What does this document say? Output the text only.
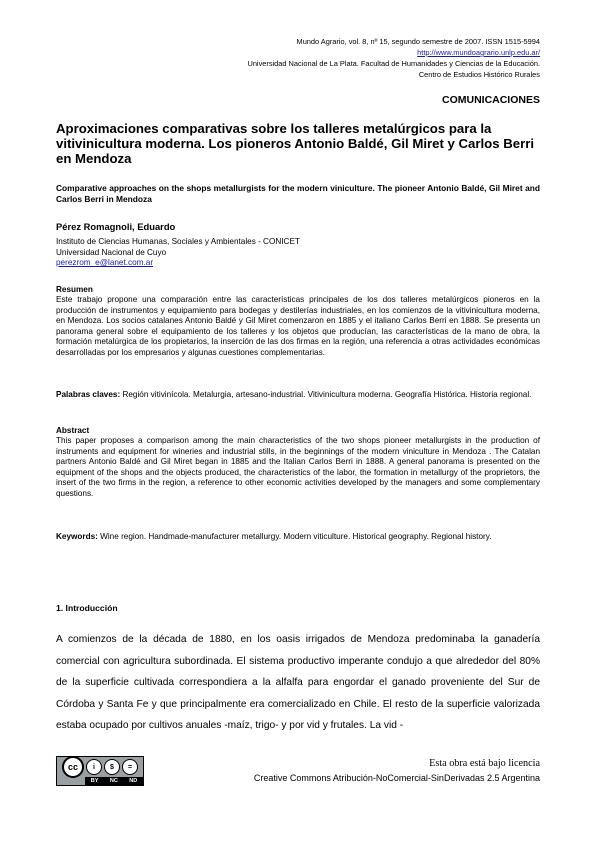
Mundo Agrario, vol. 8, nº 15, segundo semestre de 2007. ISSN 1515-5994
http://www.mundoagrario.unlp.edu.ar/
Universidad Nacional de La Plata. Facultad de Humanidades y Ciencias de la Educación.
Centro de Estudios Histórico Rurales
COMUNICACIONES
Aproximaciones comparativas sobre los talleres metalúrgicos para la vitivinicultura moderna. Los pioneros Antonio Baldé, Gil Miret y Carlos Berri en Mendoza
Comparative approaches on the shops metallurgists for the modern viniculture. The pioneer Antonio Baldé, Gil Miret and Carlos Berri in Mendoza
Pérez Romagnoli, Eduardo
Instituto de Ciencias Humanas, Sociales y Ambientales - CONICET
Universidad Nacional de Cuyo
perezrom_e@lanet.com.ar
Resumen
Este trabajo propone una comparación entre las características principales de los dos talleres metalúrgicos pioneros en la producción de instrumentos y equipamiento para bodegas y destilerías industriales, en los comienzos de la vitivinicultura moderna, en Mendoza. Los socios catalanes Antonio Baldé y Gil Miret comenzaron en 1885 y el italiano Carlos Berri en 1888. Se presenta un panorama general sobre el equipamiento de los talleres y los objetos que producían, las características de la mano de obra, la formación metalúrgica de los propietarios, la inserción de las dos firmas en la región, una referencia a otras actividades económicas desarrolladas por los empresarios y algunas cuestiones complementarias.
Palabras claves: Región vitivinícola. Metalurgia, artesano-industrial. Vitivinicultura moderna. Geografía Histórica. Historia regional.
Abstract
This paper proposes a comparison among the main characteristics of the two shops pioneer metallurgists in the production of instruments and equipment for wineries and industrial stills, in the beginnings of the modern viniculture in Mendoza . The Catalan partners Antonio Baldé and Gil Miret began in 1885 and the Italian Carlos Berri in 1888. A general panorama is presented on the equipment of the shops and the objects produced, the characteristics of the labor, the formation in metallurgy of the proprietors, the insert of the two firms in the region, a reference to other economic activities developed by the managers and some complementary questions.
Keywords: Wine region. Handmade-manufacturer metallurgy. Modern viticulture. Historical geography. Regional history.
1. Introducción
A comienzos de la década de 1880, en los oasis irrigados de Mendoza predominaba la ganadería comercial con agricultura subordinada. El sistema productivo imperante condujo a que alrededor del 80% de la superficie cultivada correspondiera a la alfalfa para engordar el ganado proveniente del Sur de Córdoba y Santa Fe y que principalmente era comercializado en Chile. El resto de la superficie valorizada estaba ocupado por cultivos anuales -maíz, trigo- y por vid y frutales. La vid -
cc	i	$	=
BY NC ND
Esta obra está bajo licencia
Creative Commons Atribución-NoComercial-SinDerivadas 2.5 Argentina
